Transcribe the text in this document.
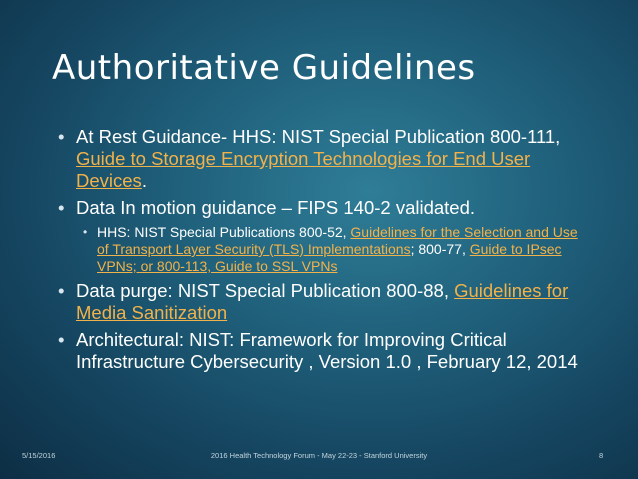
Authoritative Guidelines
• At Rest Guidance- HHS: NIST Special Publication 800-111, Guide to Storage Encryption Technologies for End User Devices.
• Data In motion guidance – FIPS 140-2 validated.
• HHS: NIST Special Publications 800-52, Guidelines for the Selection and Use of Transport Layer Security (TLS) Implementations; 800-77, Guide to IPsec VPNs; or 800-113, Guide to SSL VPNs
• Data purge: NIST Special Publication 800-88, Guidelines for Media Sanitization
• Architectural: NIST: Framework for Improving Critical Infrastructure Cybersecurity , Version 1.0 , February 12, 2014
5/15/2016	2016 Health Technology Forum - May 22-23 - Stanford University	8
